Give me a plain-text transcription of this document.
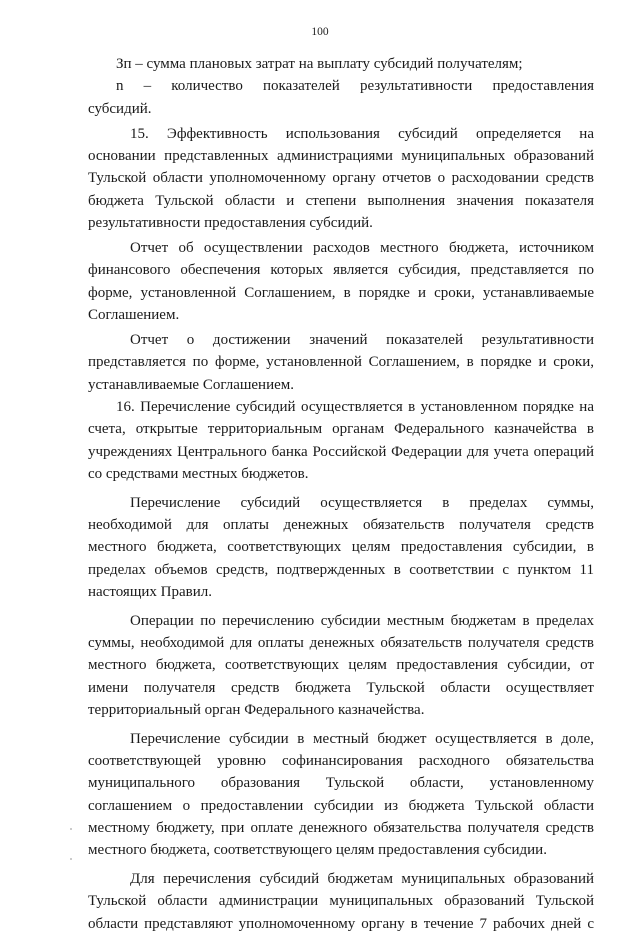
100
Зп – сумма плановых затрат на выплату субсидий получателям;
n – количество показателей результативности предоставления
субсидий.
15. Эффективность использования субсидий определяется на
основании представленных администрациями муниципальных образований
Тульской области уполномоченному органу отчетов о расходовании средств
бюджета Тульской области и степени выполнения значения показателя
результативности предоставления субсидий.
Отчет об осуществлении расходов местного бюджета, источником
финансового обеспечения которых является субсидия, представляется по
форме, установленной Соглашением, в порядке и сроки, устанавливаемые
Соглашением.
Отчет о достижении значений показателей результативности
представляется по форме, установленной Соглашением, в порядке и сроки,
устанавливаемые Соглашением.
16. Перечисление субсидий осуществляется в установленном порядке на
счета, открытые территориальным органам Федерального казначейства в
учреждениях Центрального банка Российской Федерации для учета операций
со средствами местных бюджетов.
Перечисление субсидий осуществляется в пределах суммы,
необходимой для оплаты денежных обязательств получателя средств
местного бюджета, соответствующих целям предоставления субсидии, в
пределах объемов средств, подтвержденных в соответствии с пунктом 11
настоящих Правил.
Операции по перечислению субсидии местным бюджетам в пределах
суммы, необходимой для оплаты денежных обязательств получателя средств
местного бюджета, соответствующих целям предоставления субсидии, от
имени получателя средств бюджета Тульской области осуществляет
территориальный орган Федерального казначейства.
Перечисление субсидии в местный бюджет осуществляется в доле,
соответствующей уровню софинансирования расходного обязательства
муниципального образования Тульской области, установленному
соглашением о предоставлении субсидии из бюджета Тульской области
местному бюджету, при оплате денежного обязательства получателя средств
местного бюджета, соответствующего целям предоставления субсидии.
Для перечисления субсидий бюджетам муниципальных образований
Тульской области администрации муниципальных образований Тульской
области представляют уполномоченному органу в течение 7 рабочих дней с
